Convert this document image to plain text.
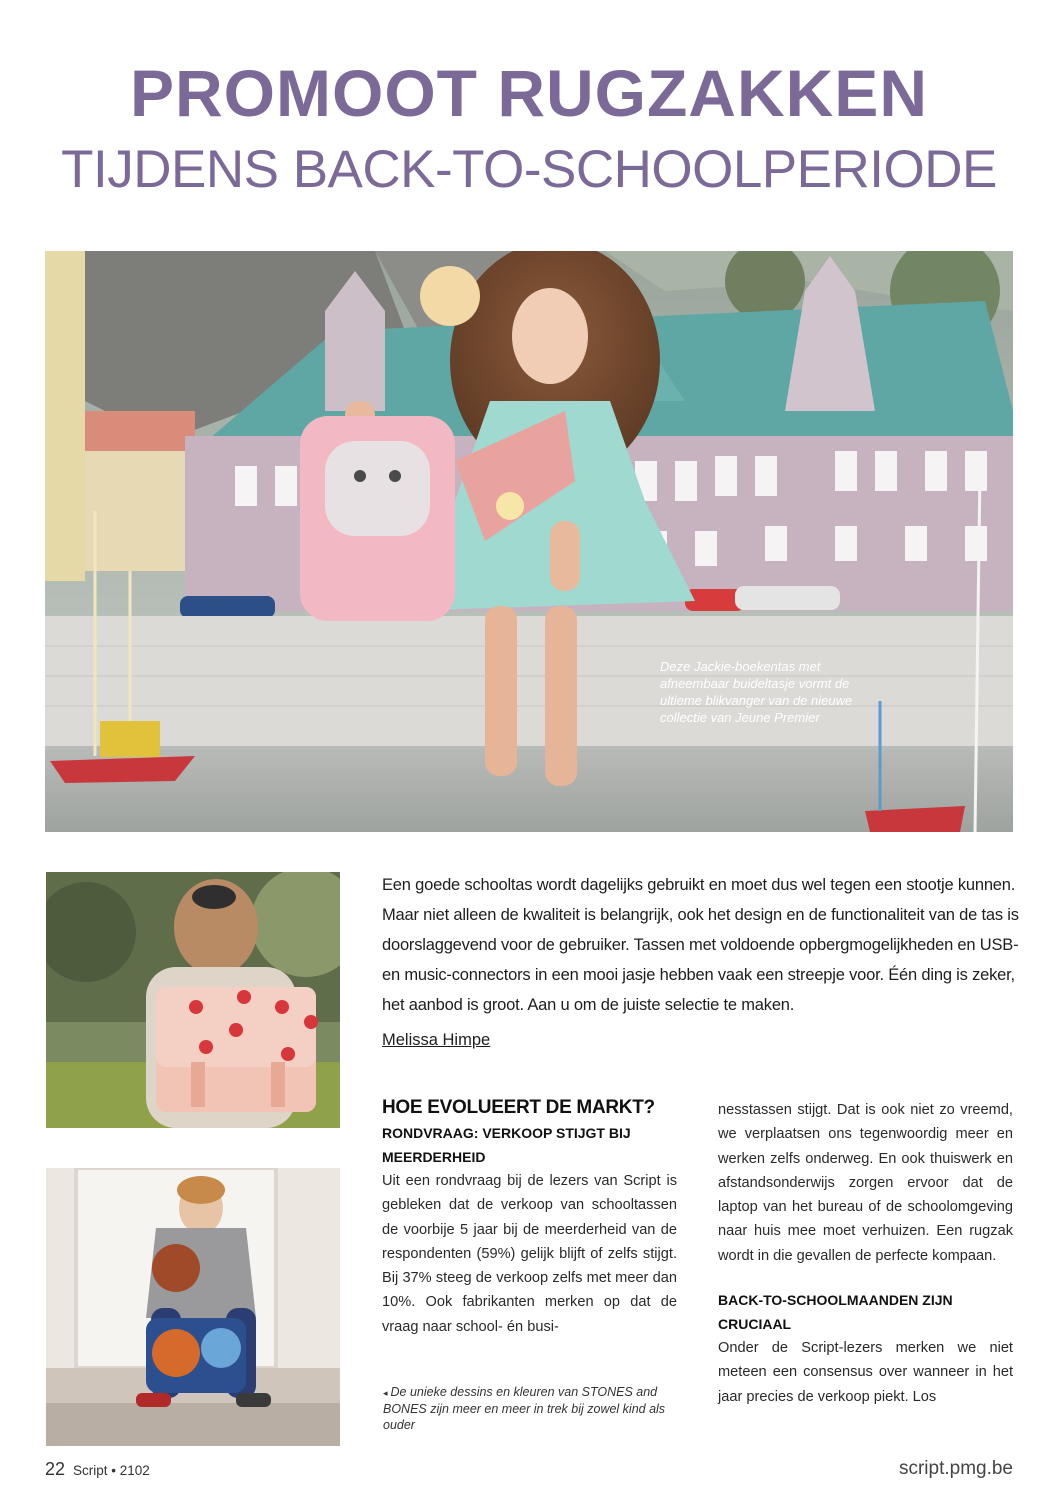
PROMOOT RUGZAKKEN
TIJDENS BACK-TO-SCHOOLPERIODE
Deze Jackie-boekentas met afneembaar buideltasje vormt de ultieme blikvanger van de nieuwe collectie van Jeune Premier

Een goede schooltas wordt dagelijks gebruikt en moet dus wel tegen een stootje kunnen. Maar niet alleen de kwaliteit is belangrijk, ook het design en de functionaliteit van de tas is doorslaggevend voor de gebruiker. Tassen met voldoende opbergmogelijkheden en USB- en music-connectors in een mooi jasje hebben vaak een streepje voor. Één ding is zeker, het aanbod is groot. Aan u om de juiste selectie te maken.

Melissa Himpe
HOE EVOLUEERT DE MARKT?
RONDVRAAG: VERKOOP STIJGT BIJ MEERDERHEID

Uit een rondvraag bij de lezers van Script is gebleken dat de verkoop van schooltassen de voorbije 5 jaar bij de meerderheid van de respondenten (59%) gelijk blijft of zelfs stijgt. Bij 37% steeg de verkoop zelfs met meer dan 10%. Ook fabrikanten merken op dat de vraag naar school- én busi-

nesstassen stijgt. Dat is ook niet zo vreemd, we verplaatsen ons tegenwoordig meer en werken zelfs onderweg. En ook thuiswerk en afstandsonderwijs zorgen ervoor dat de laptop van het bureau of de schoolomgeving naar huis mee moet verhuizen. Een rugzak wordt in die gevallen de perfecte kompaan.

BACK-TO-SCHOOLMAANDEN ZIJN CRUCIAAL

Onder de Script-lezers merken we niet meteen een consensus over wanneer in het jaar precies de verkoop piekt. Los

◂ De unieke dessins en kleuren van STONES and BONES zijn meer en meer in trek bij zowel kind als ouder
22 Script • 2102	script.pmg.be
